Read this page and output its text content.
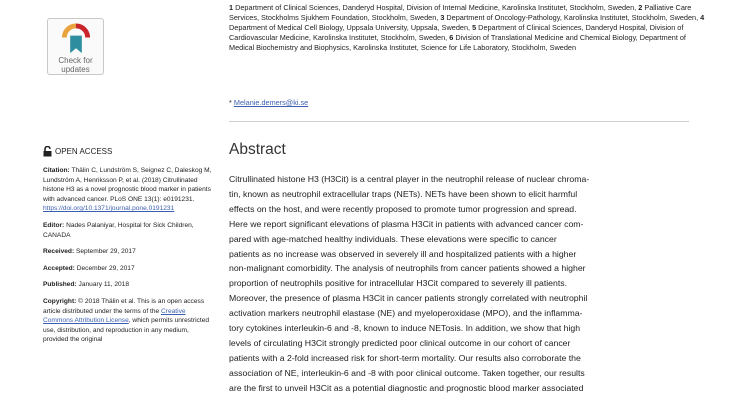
Check for
updates
1 Department of Clinical Sciences, Danderyd Hospital, Division of Internal Medicine, Karolinska Institutet, Stockholm, Sweden, 2 Palliative Care Services, Stockholms Sjukhem Foundation, Stockholm, Sweden, 3 Department of Oncology-Pathology, Karolinska Institutet, Stockholm, Sweden, 4 Department of Medical Cell Biology, Uppsala University, Uppsala, Sweden, 5 Department of Clinical Sciences, Danderyd Hospital, Division of Cardiovascular Medicine, Karolinska Institutet, Stockholm, Sweden, 6 Division of Translational Medicine and Chemical Biology, Department of Medical Biochemistry and Biophysics, Karolinska Institutet, Science for Life Laboratory, Stockholm, Sweden
* Melanie.demers@ki.se
OPEN ACCESS

Citation: Thälin C, Lundström S, Seignez C, Daleskog M, Lundström A, Henriksson P, et al. (2018) Citrullinated histone H3 as a novel prognostic blood marker in patients with advanced cancer. PLoS ONE 13(1): e0191231. https://doi.org/10.1371/journal.pone.0191231

Editor: Nades Palaniyar, Hospital for Sick Children, CANADA

Received: September 29, 2017

Accepted: December 29, 2017

Published: January 11, 2018

Copyright: © 2018 Thälin et al. This is an open access article distributed under the terms of the Creative Commons Attribution License, which permits unrestricted use, distribution, and reproduction in any medium, provided the original

Abstract

Citrullinated histone H3 (H3Cit) is a central player in the neutrophil release of nuclear chroma-

tin, known as neutrophil extracellular traps (NETs). NETs have been shown to elicit harmful

effects on the host, and were recently proposed to promote tumor progression and spread.

Here we report significant elevations of plasma H3Cit in patients with advanced cancer com-

pared with age-matched healthy individuals. These elevations were specific to cancer

patients as no increase was observed in severely ill and hospitalized patients with a higher

non-malignant comorbidity. The analysis of neutrophils from cancer patients showed a higher

proportion of neutrophils positive for intracellular H3Cit compared to severely ill patients.

Moreover, the presence of plasma H3Cit in cancer patients strongly correlated with neutrophil

activation markers neutrophil elastase (NE) and myeloperoxidase (MPO), and the inflamma-

tory cytokines interleukin-6 and -8, known to induce NETosis. In addition, we show that high

levels of circulating H3Cit strongly predicted poor clinical outcome in our cohort of cancer

patients with a 2-fold increased risk for short-term mortality. Our results also corroborate the

association of NE, interleukin-6 and -8 with poor clinical outcome. Taken together, our results

are the first to unveil H3Cit as a potential diagnostic and prognostic blood marker associated
